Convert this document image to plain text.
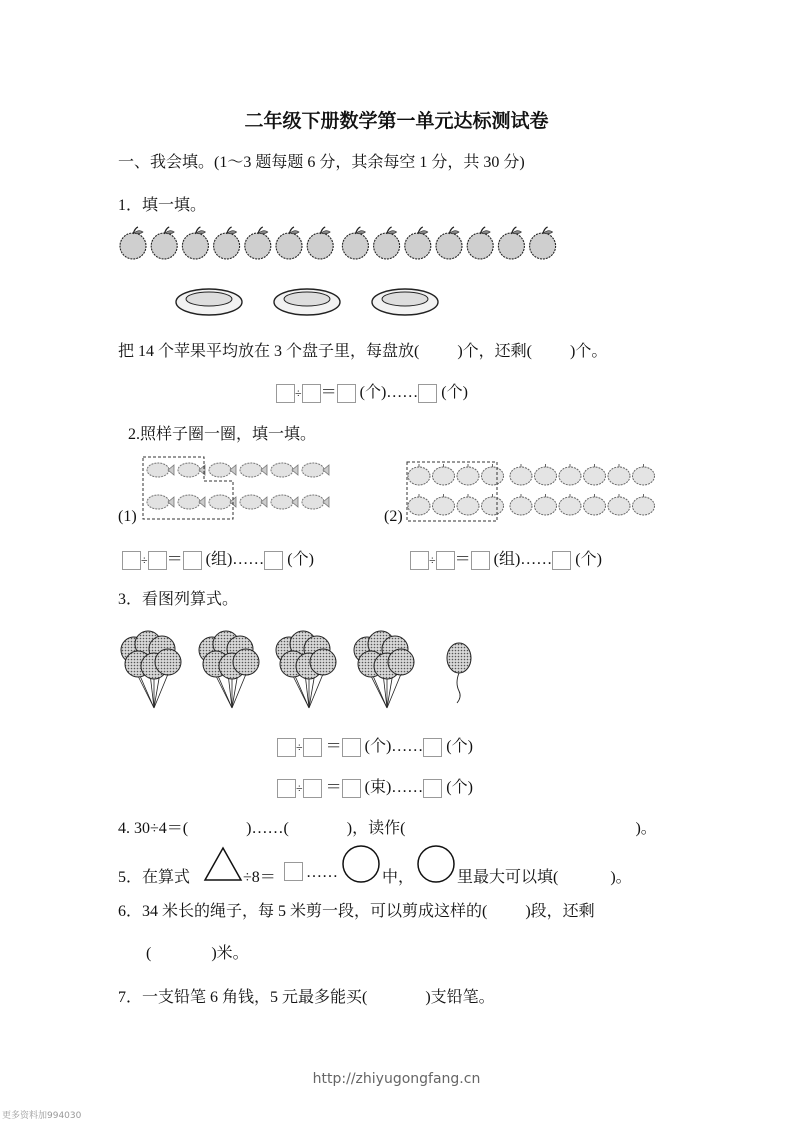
二年级下册数学第一单元达标测试卷
一、我会填。(1～3 题每题 6 分，其余每空 1 分，共 30 分)
1．填一填。
把 14 个苹果平均放在 3 个盘子里，每盘放( )个，还剩( )个。
÷ ＝ (个)…… (个)
2.照样子圈一圈，填一填。
(1)	(2)
÷ ＝ (组)…… (个)	÷ ＝ (组)…… (个)
3．看图列算式。
÷ ＝ (个)…… (个)
÷ ＝ (束)…… (个)
4. 30÷4＝(	)……(	)，读作(	)。
5．在算式	÷8＝ ……	中，	里最大可以填(	)。
6．34 米长的绳子，每 5 米剪一段，可以剪成这样的( )段，还剩
(	)米。
7．一支铅笔 6 角钱，5 元最多能买(	)支铅笔。
http://zhiyugongfang.cn
更多资料加994030
